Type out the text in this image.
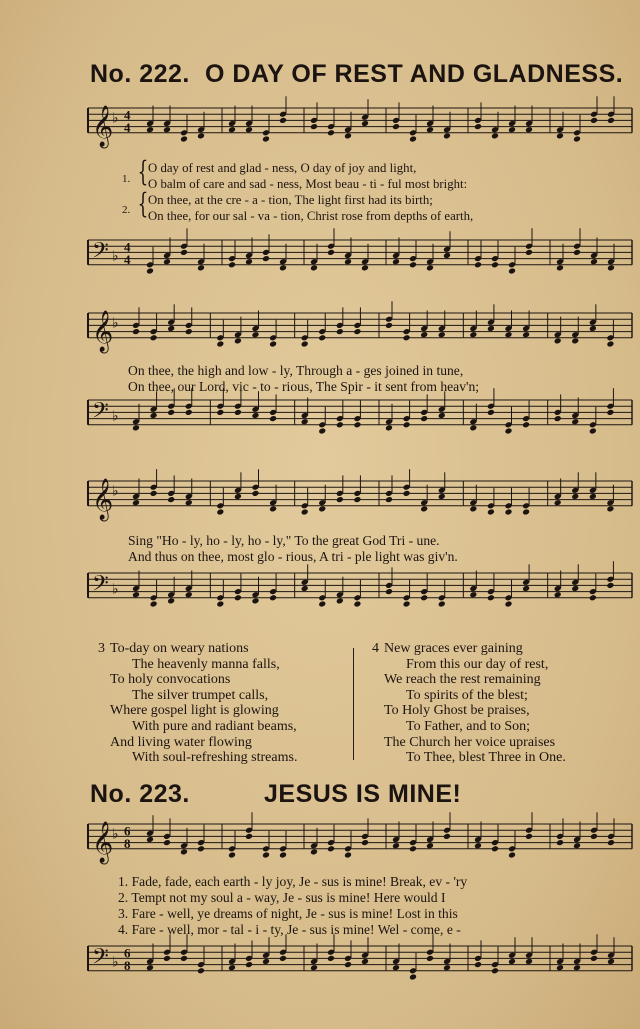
No. 222. O DAY OF REST AND GLADNESS.
𝄞
♭ 4
4
1.
2.
{
{
O day of rest and glad - ness, O day of joy and light,
O balm of care and sad - ness, Most beau - ti - ful most bright:
On thee, at the cre - a - tion, The light first had its birth;
On thee, for our sal - va - tion, Christ rose from depths of earth,
𝄢 ♭
4
4
𝄞
♭
On thee, the high and low - ly, Through a - ges joined in tune,
On thee, our Lord, vic - to - rious, The Spir - it sent from heav'n;
𝄢 ♭
𝄞
♭
Sing "Ho - ly, ho - ly, ho - ly," To the great God Tri - une.
And thus on thee, most glo - rious, A tri - ple light was giv'n.
𝄢 ♭
3 To-day on weary nations
The heavenly manna falls,
To holy convocations
The silver trumpet calls,
Where gospel light is glowing
With pure and radiant beams,
And living water flowing
With soul-refreshing streams.
4 New graces ever gaining
From this our day of rest,
We reach the rest remaining
To spirits of the blest;
To Holy Ghost be praises,
To Father, and to Son;
The Church her voice upraises
To Thee, blest Three in One.
No. 223.	JESUS IS MINE!
𝄞
♭ 6
8
1. Fade, fade, each earth - ly joy, Je - sus is mine! Break, ev - 'ry
2. Tempt not my soul a - way, Je - sus is mine! Here would I
3. Fare - well, ye dreams of night, Je - sus is mine! Lost in this
4. Fare - well, mor - tal - i - ty, Je - sus is mine! Wel - come, e -
𝄢 ♭
6
8
